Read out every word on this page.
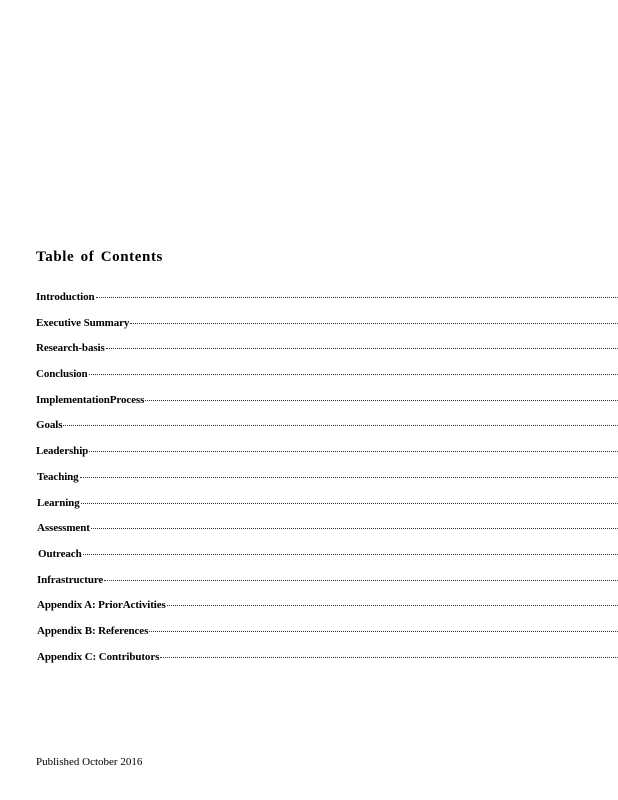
Table of Contents
Introduction
Executive Summary
Research-basis
Conclusion
ImplementationProcess
Goals
Leadership
Teaching
Learning
Assessment
Outreach
Infrastructure
Appendix A: PriorActivities
Appendix B: References
Appendix C: Contributors
Published October 2016
